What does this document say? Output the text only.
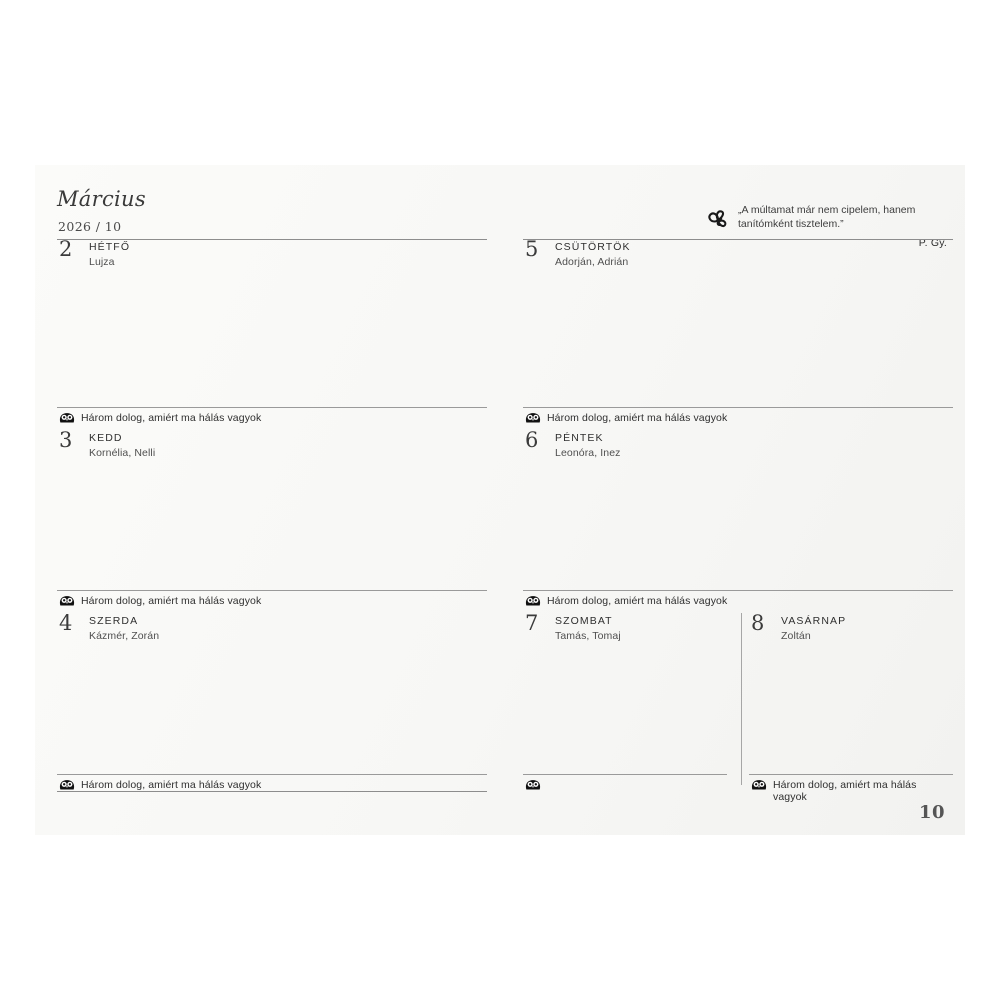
Március
2026 / 10
„A múltamat már nem cipelem, hanem tanítómként tisztelem.”
P. Gy.
2 HÉTFŐ
Lujza
Három dolog, amiért ma hálás vagyok
3 KEDD
Kornélia, Nelli
Három dolog, amiért ma hálás vagyok
4 SZERDA
Kázmér, Zorán
Három dolog, amiért ma hálás vagyok
5 CSÜTÖRTÖK
Adorján, Adrián
Három dolog, amiért ma hálás vagyok
6 PÉNTEK
Leonóra, Inez
Három dolog, amiért ma hálás vagyok
7 SZOMBAT
Tamás, Tomaj
8 VASÁRNAP
Zoltán
Három dolog, amiért ma hálás vagyok
10
